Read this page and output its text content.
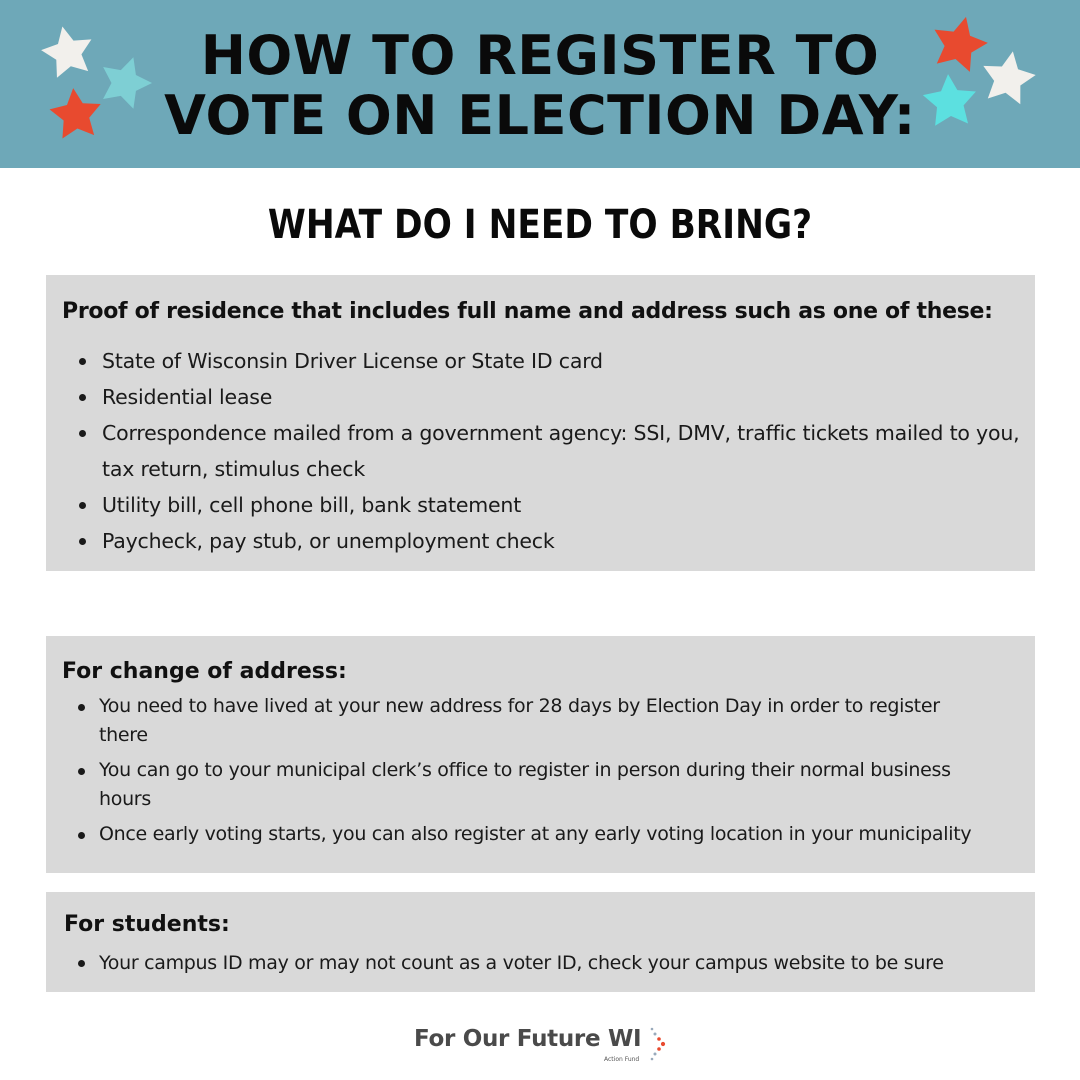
HOW TO REGISTER TO
VOTE ON ELECTION DAY:
WHAT DO I NEED TO BRING?

Proof of residence that includes full name and address such as one of these:

State of Wisconsin Driver License or State ID card
Residential lease
Correspondence mailed from a government agency: SSI, DMV, traffic tickets mailed to you, tax return, stimulus check
Utility bill, cell phone bill, bank statement
Paycheck, pay stub, or unemployment check

For change of address:

You need to have lived at your new address for 28 days by Election Day in order to register there
You can go to your municipal clerk’s office to register in person during their normal business hours
Once early voting starts, you can also register at any early voting location in your municipality

For students:

Your campus ID may or may not count as a voter ID, check your campus website to be sure
For Our Future WI
Action Fund
